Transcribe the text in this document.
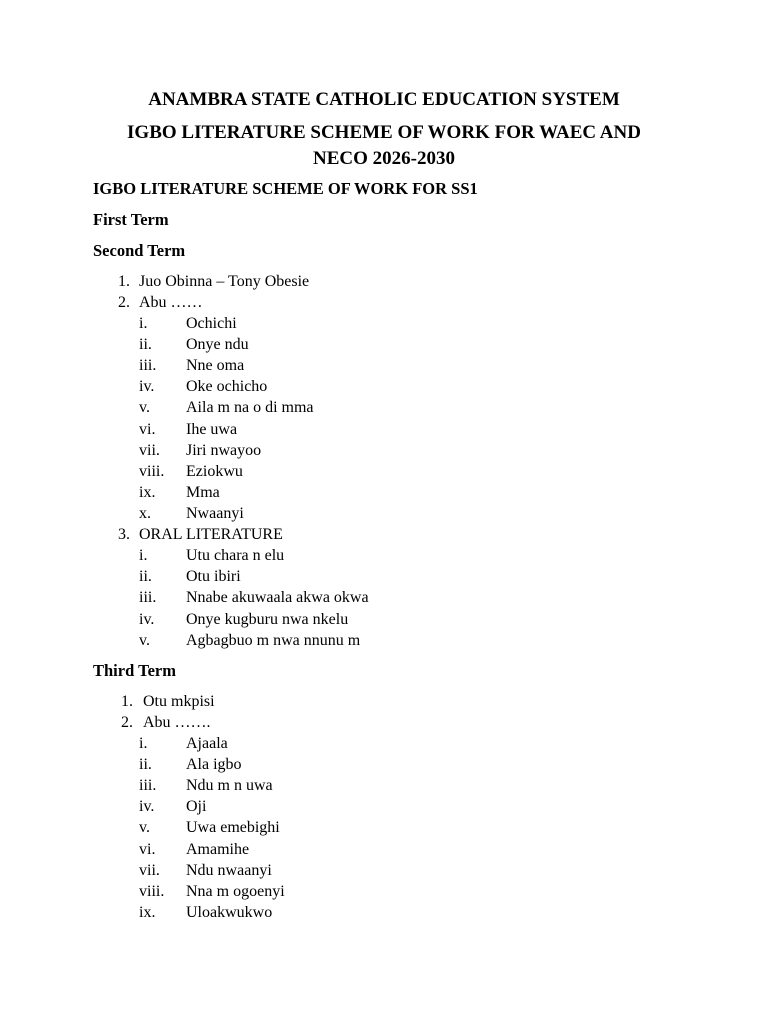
ANAMBRA STATE CATHOLIC EDUCATION SYSTEM
IGBO LITERATURE SCHEME OF WORK FOR WAEC AND
NECO 2026-2030
IGBO LITERATURE SCHEME OF WORK FOR SS1
First Term
Second Term
1. Juo Obinna – Tony Obesie
2. Abu ……
i. Ochichi
ii. Onye ndu
iii. Nne oma
iv. Oke ochicho
v. Aila m na o di mma
vi. Ihe uwa
vii. Jiri nwayoo
viii. Eziokwu
ix. Mma
x. Nwaanyi
3. ORAL LITERATURE
i. Utu chara n elu
ii. Otu ibiri
iii. Nnabe akuwaala akwa okwa
iv. Onye kugburu nwa nkelu
v. Agbagbuo m nwa nnunu m
Third Term
1. Otu mkpisi
2. Abu …….
i. Ajaala
ii. Ala igbo
iii. Ndu m n uwa
iv. Oji
v. Uwa emebighi
vi. Amamihe
vii. Ndu nwaanyi
viii. Nna m ogoenyi
ix. Uloakwukwo
